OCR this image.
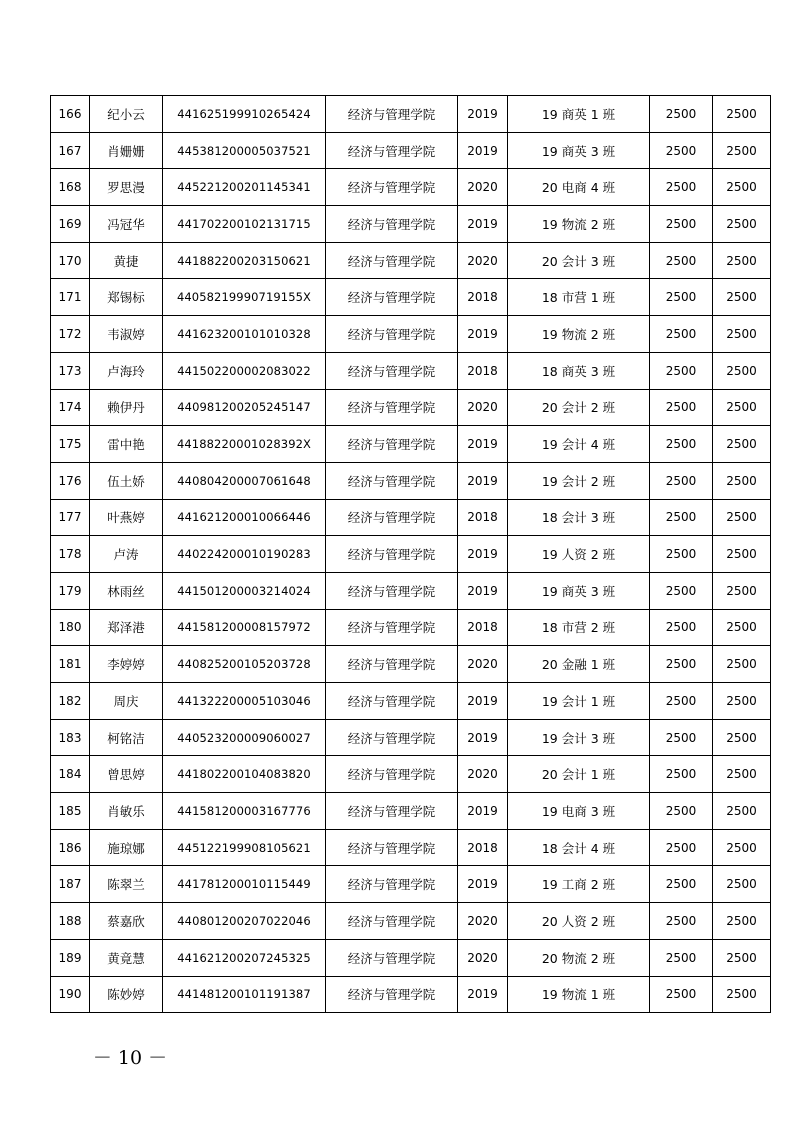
166	纪小云	441625199910265424	经济与管理学院	2019	19 商英 1 班	2500	2500
167	肖姗姗	445381200005037521	经济与管理学院	2019	19 商英 3 班	2500	2500
168	罗思漫	445221200201145341	经济与管理学院	2020	20 电商 4 班	2500	2500
169	冯冠华	441702200102131715	经济与管理学院	2019	19 物流 2 班	2500	2500
170	黄捷	441882200203150621	经济与管理学院	2020	20 会计 3 班	2500	2500
171	郑锡标	44058219990719155X	经济与管理学院	2018	18 市营 1 班	2500	2500
172	韦淑婷	441623200101010328	经济与管理学院	2019	19 物流 2 班	2500	2500
173	卢海玲	441502200002083022	经济与管理学院	2018	18 商英 3 班	2500	2500
174	赖伊丹	440981200205245147	经济与管理学院	2020	20 会计 2 班	2500	2500
175	雷中艳	44188220001028392X	经济与管理学院	2019	19 会计 4 班	2500	2500
176	伍土娇	440804200007061648	经济与管理学院	2019	19 会计 2 班	2500	2500
177	叶燕婷	441621200010066446	经济与管理学院	2018	18 会计 3 班	2500	2500
178	卢涛	440224200010190283	经济与管理学院	2019	19 人资 2 班	2500	2500
179	林雨丝	441501200003214024	经济与管理学院	2019	19 商英 3 班	2500	2500
180	郑泽港	441581200008157972	经济与管理学院	2018	18 市营 2 班	2500	2500
181	李婷婷	440825200105203728	经济与管理学院	2020	20 金融 1 班	2500	2500
182	周庆	441322200005103046	经济与管理学院	2019	19 会计 1 班	2500	2500
183	柯铭洁	440523200009060027	经济与管理学院	2019	19 会计 3 班	2500	2500
184	曾思婷	441802200104083820	经济与管理学院	2020	20 会计 1 班	2500	2500
185	肖敏乐	441581200003167776	经济与管理学院	2019	19 电商 3 班	2500	2500
186	施琼娜	445122199908105621	经济与管理学院	2018	18 会计 4 班	2500	2500
187	陈翠兰	441781200010115449	经济与管理学院	2019	19 工商 2 班	2500	2500
188	蔡嘉欣	440801200207022046	经济与管理学院	2020	20 人资 2 班	2500	2500
189	黄竟慧	441621200207245325	经济与管理学院	2020	20 物流 2 班	2500	2500
190	陈妙婷	441481200101191387	经济与管理学院	2019	19 物流 1 班	2500	2500
－ 10 －
